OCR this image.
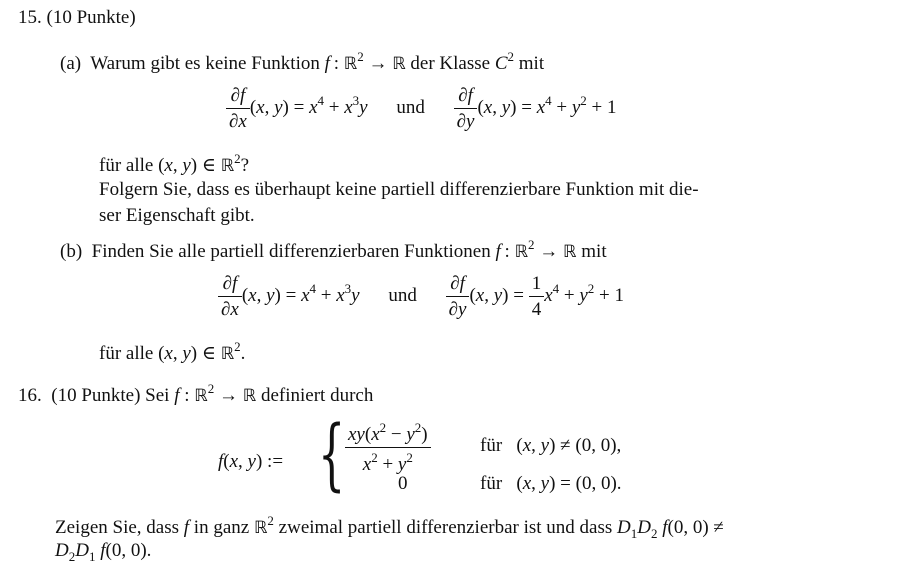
15. (10 Punkte)
(a)  Warum gibt es keine Funktion f : ℝ$^2$ → ℝ der Klasse $C^2$ mit
$\frac{\partial f}{\partial x} (x$, $y) = x^4 + x^3y$ und $\frac{\partial f}{\partial y} (x$, $y) = x^4 + y^2 + 1$
für alle (x, y) ∈ ℝ$^2$?
Folgern Sie, dass es überhaupt keine partiell differenzierbare Funktion mit die-
ser Eigenschaft gibt.
(b)  Finden Sie alle partiell differenzierbaren Funktionen f : ℝ$^2$ → ℝ mit
$\frac{\partial f}{\partial x} (x$, $y) = x^4 + x^3y$ und $\frac{\partial f}{\partial y} (x$, $y) = \frac{1}{4} x^4 + y^2 + 1$
für alle (x, y) ∈ ℝ$^2$.
16.  (10 Punkte) Sei f : ℝ$^2$ → ℝ definiert durch
f(x, y) := { $\frac{xy(x^2 - y^2)}{x^2 + y^2}$	für   (x, y) ≠ (0, 0),
0	für   (x, y) = (0, 0).
Zeigen Sie, dass f in ganz ℝ$^2$ zweimal partiell differenzierbar ist und dass $D_1D_2$ f(0, 0) ≠
$D_2D_1$ f(0, 0).
